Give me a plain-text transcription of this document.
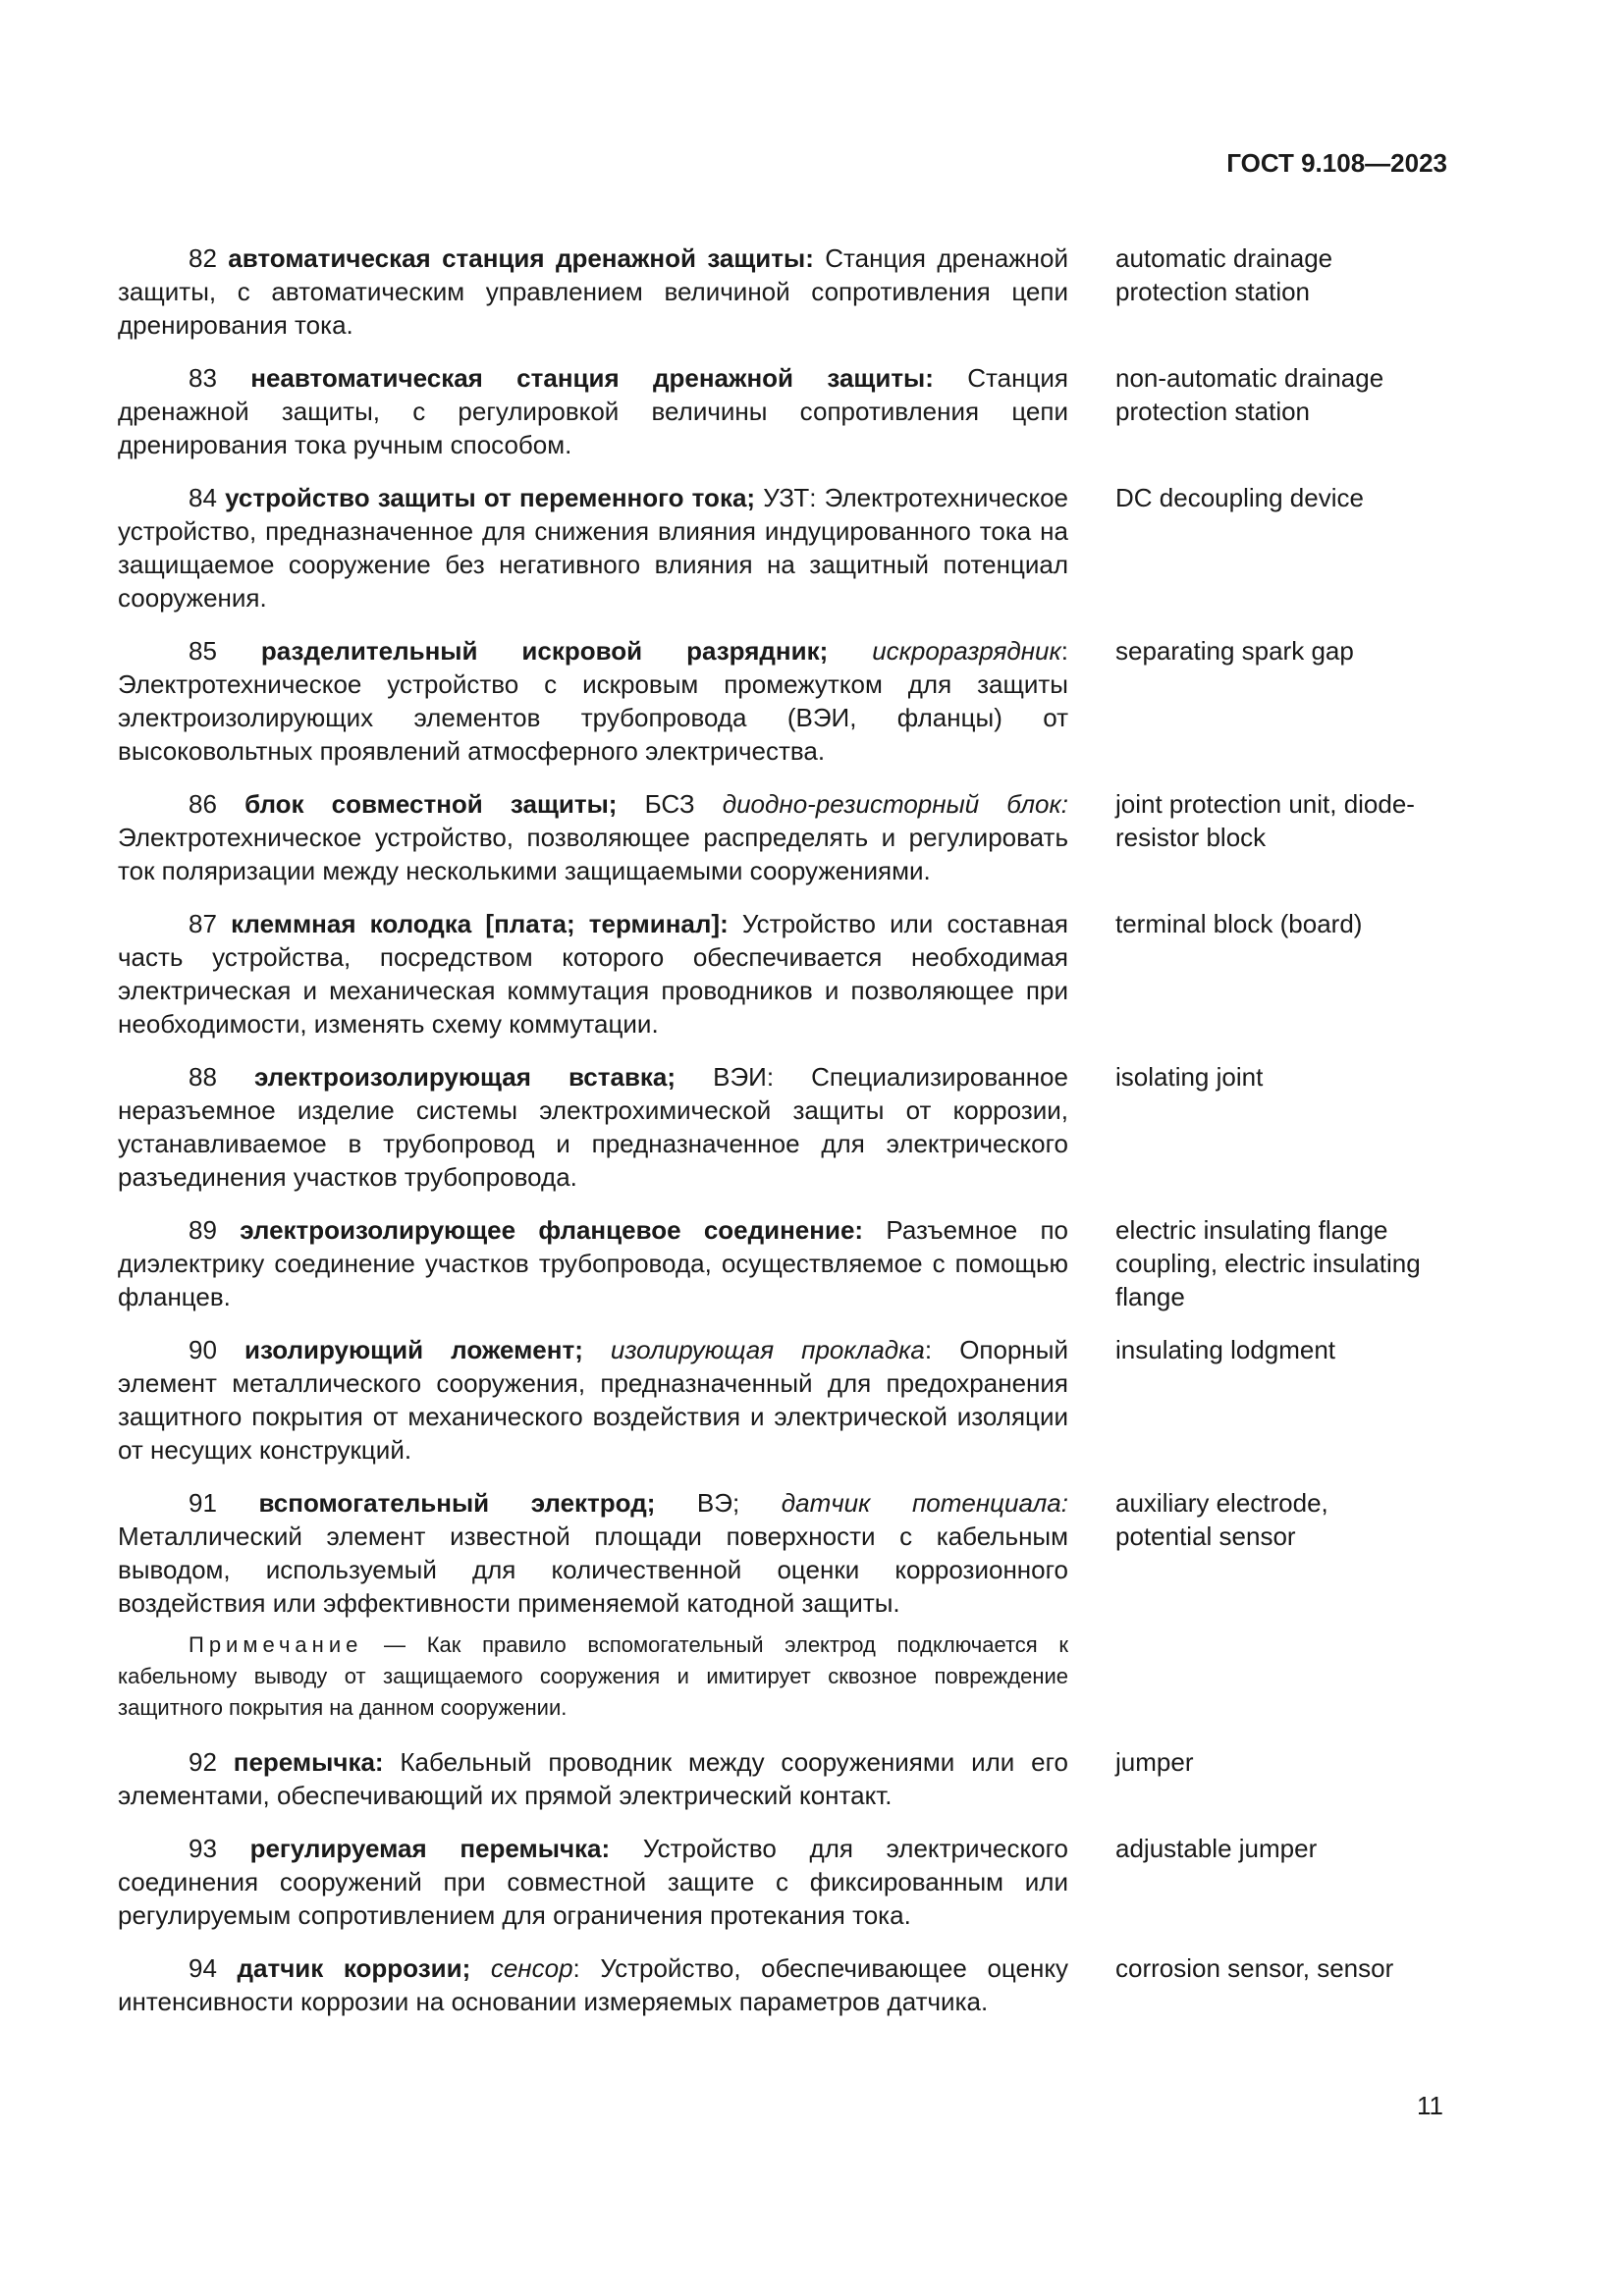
ГОСТ 9.108—2023

82 автоматическая станция дренажной защиты: Станция дренажной защиты, с автоматическим управлением величиной сопротивления цепи дренирования тока.

automatic drainage
protection station

83 неавтоматическая станция дренажной защиты: Станция дренажной защиты, с регулировкой величины сопротивления цепи дренирования тока ручным способом.

non-automatic drainage
protection station

84 устройство защиты от переменного тока; УЗТ: Электротехническое устройство, предназначенное для снижения влияния индуцированного тока на защищаемое сооружение без негативного влияния на защитный потенциал сооружения.

DC decoupling device

85 разделительный искровой разрядник; искроразрядник: Электротехническое устройство с искровым промежутком для защиты электроизолирующих элементов трубопровода (ВЭИ, фланцы) от высоковольтных проявлений атмосферного электричества.

separating spark gap

86 блок совместной защиты; БСЗ диодно-резисторный блок: Электротехническое устройство, позволяющее распределять и регулировать ток поляризации между несколькими защищаемыми сооружениями.

joint protection unit, diode-
resistor block

87 клеммная колодка [плата; терминал]: Устройство или составная часть устройства, посредством которого обеспечивается необходимая электрическая и механическая коммутация проводников и позволяющее при необходимости, изменять схему коммутации.

terminal block (board)

88 электроизолирующая вставка; ВЭИ: Специализированное неразъемное изделие системы электрохимической защиты от коррозии, устанавливаемое в трубопровод и предназначенное для электрического разъединения участков трубопровода.

isolating joint

89 электроизолирующее фланцевое соединение: Разъемное по диэлектрику соединение участков трубопровода, осуществляемое с помощью фланцев.

electric insulating flange
coupling, electric insulating
flange

90 изолирующий ложемент; изолирующая прокладка: Опорный элемент металлического сооружения, предназначенный для предохранения защитного покрытия от механического воздействия и электрической изоляции от несущих конструкций.

insulating lodgment

91 вспомогательный электрод; ВЭ; датчик потенциала: Металлический элемент известной площади поверхности с кабельным выводом, используемый для количественной оценки коррозионного воздействия или эффективности применяемой катодной защиты.

auxiliary electrode,
potential sensor

Примечание — Как правило вспомогательный электрод подключается к кабельному выводу от защищаемого сооружения и имитирует сквозное повреждение защитного покрытия на данном сооружении.

92 перемычка: Кабельный проводник между сооружениями или его элементами, обеспечивающий их прямой электрический контакт.

jumper

93 регулируемая перемычка: Устройство для электрического соединения сооружений при совместной защите с фиксированным или регулируемым сопротивлением для ограничения протекания тока.

adjustable jumper

94 датчик коррозии; сенсор: Устройство, обеспечивающее оценку интенсивности коррозии на основании измеряемых параметров датчика.

corrosion sensor, sensor
11
